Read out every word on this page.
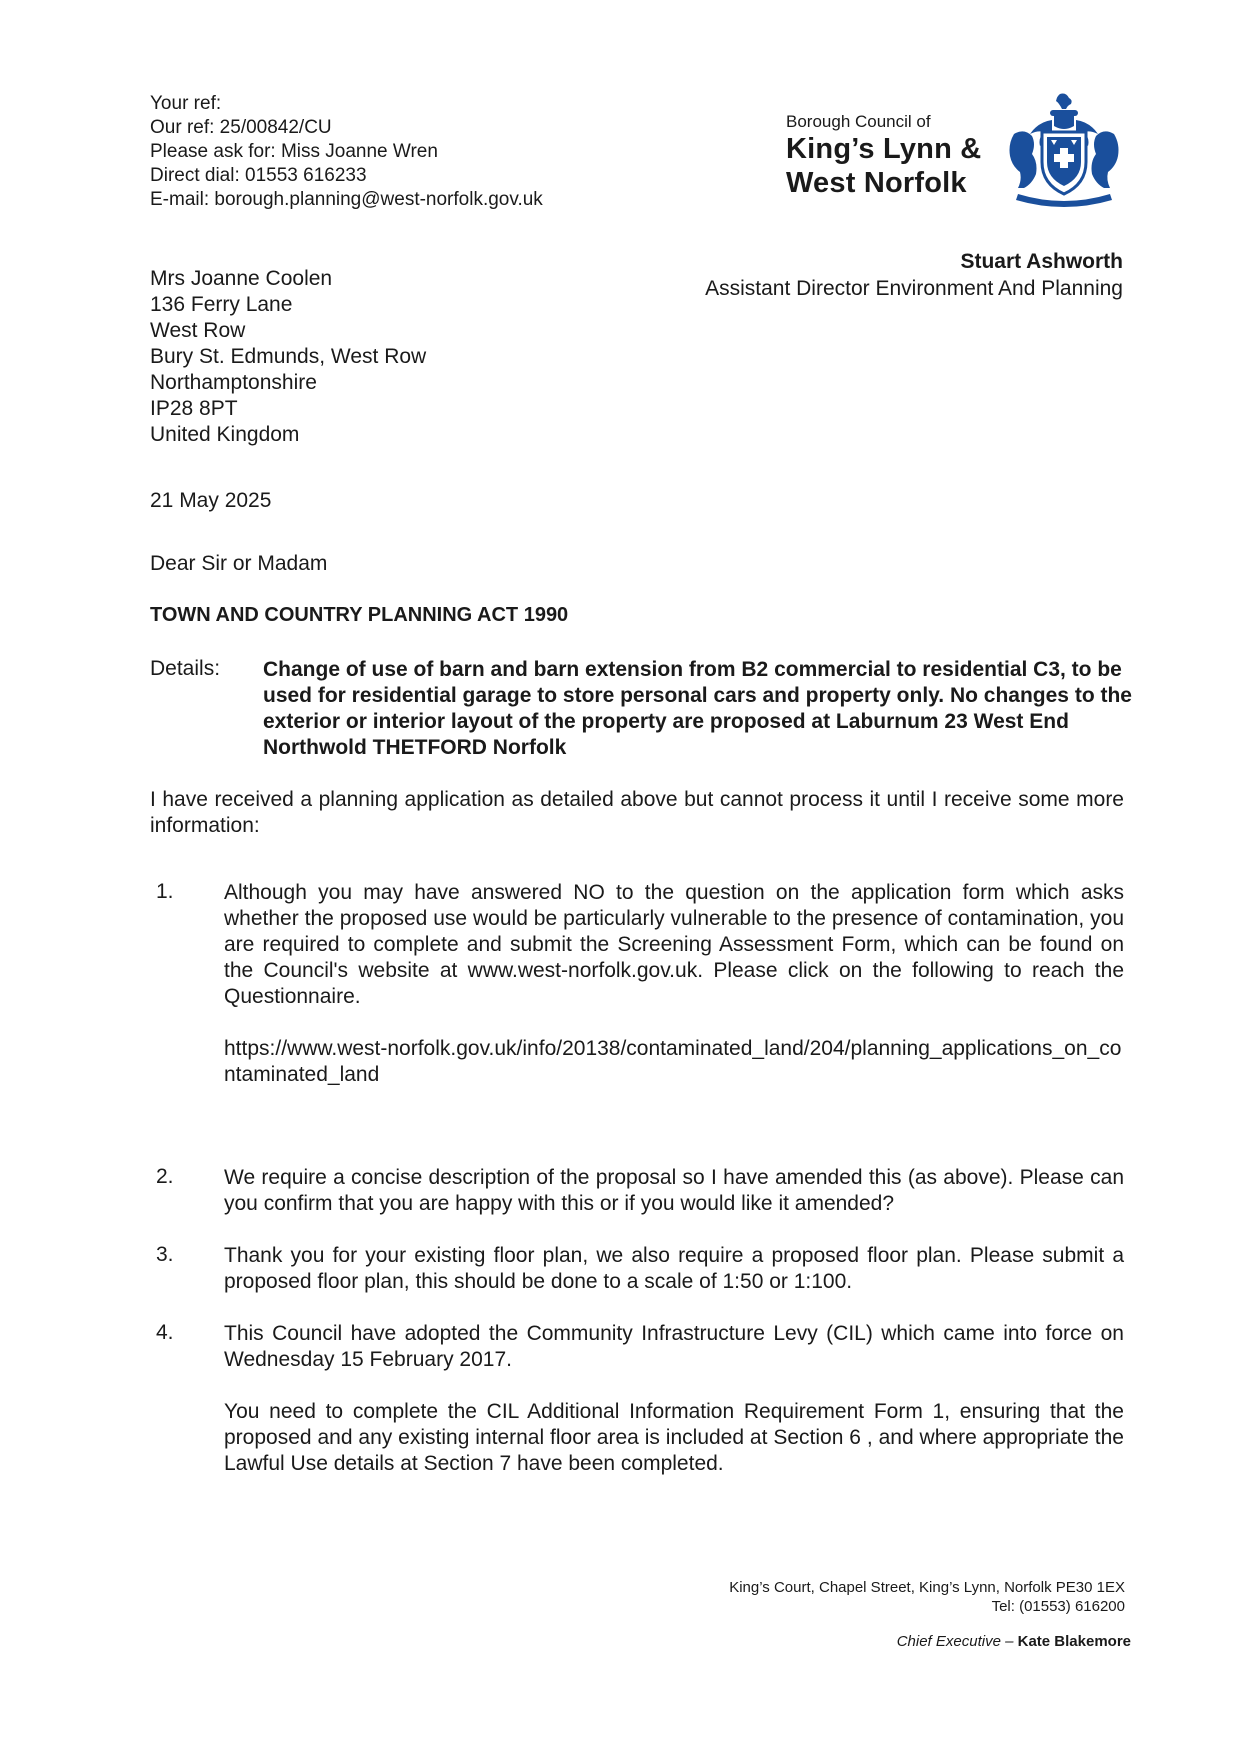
Your ref:
Our ref: 25/00842/CU
Please ask for: Miss Joanne Wren
Direct dial: 01553 616233
E-mail: borough.planning@west-norfolk.gov.uk
Borough Council of
King’s Lynn &
West Norfolk
Stuart Ashworth
Assistant Director Environment And Planning
Mrs Joanne Coolen
136 Ferry Lane
West Row
Bury St. Edmunds, West Row
Northamptonshire
IP28 8PT
United Kingdom
21 May 2025
Dear Sir or Madam
TOWN AND COUNTRY PLANNING ACT 1990
Details: Change of use of barn and barn extension from B2 commercial to residential C3, to be used for residential garage to store personal cars and property only. No changes to the exterior or interior layout of the property are proposed at Laburnum 23 West End Northwold THETFORD Norfolk
I have received a planning application as detailed above but cannot process it until I receive some more information:
1. Although you may have answered NO to the question on the application form which asks whether the proposed use would be particularly vulnerable to the presence of contamination, you are required to complete and submit the Screening Assessment Form, which can be found on the Council's website at www.west-norfolk.gov.uk. Please click on the following to reach the Questionnaire.
https://www.west-norfolk.gov.uk/info/20138/contaminated_land/204/planning_applications_on_contaminated_land
2. We require a concise description of the proposal so I have amended this (as above). Please can you confirm that you are happy with this or if you would like it amended?
3. Thank you for your existing floor plan, we also require a proposed floor plan. Please submit a proposed floor plan, this should be done to a scale of 1:50 or 1:100.
4. This Council have adopted the Community Infrastructure Levy (CIL) which came into force on Wednesday 15 February 2017.
You need to complete the CIL Additional Information Requirement Form 1, ensuring that the proposed and any existing internal floor area is included at Section 6 , and where appropriate the Lawful Use details at Section 7 have been completed.
King’s Court, Chapel Street, King’s Lynn, Norfolk PE30 1EX
Tel: (01553) 616200
Chief Executive – Kate Blakemore
